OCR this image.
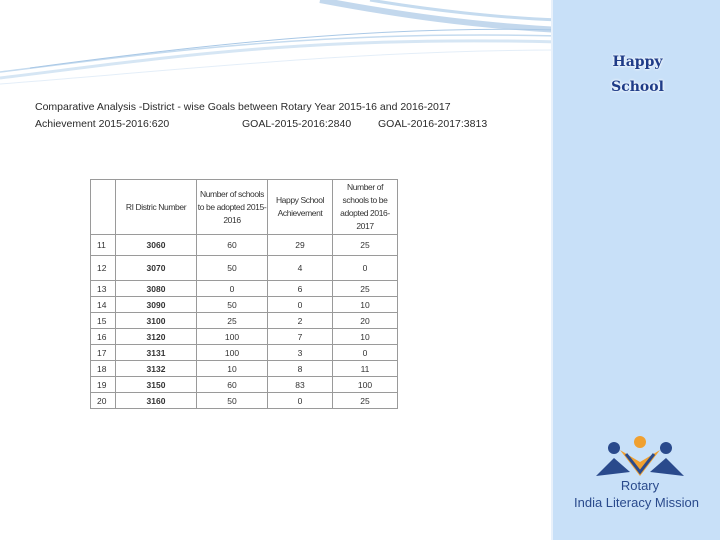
Happy
School
Comparative Analysis -District - wise Goals between Rotary Year 2015-16 and 2016-2017
Achievement 2015-2016:620	GOAL-2015-2016:2840	GOAL-2016-2017:3813
	RI Distric Number	Number of schools to be adopted 2015-2016	Happy School Achievement	Number of schools to be adopted 2016-2017
11	3060	60	29	25
12	3070	50	4	0
13	3080	0	6	25
14	3090	50	0	10
15	3100	25	2	20
16	3120	100	7	10
17	3131	100	3	0
18	3132	10	8	11
19	3150	60	83	100
20	3160	50	0	25
Rotary
India Literacy Mission
